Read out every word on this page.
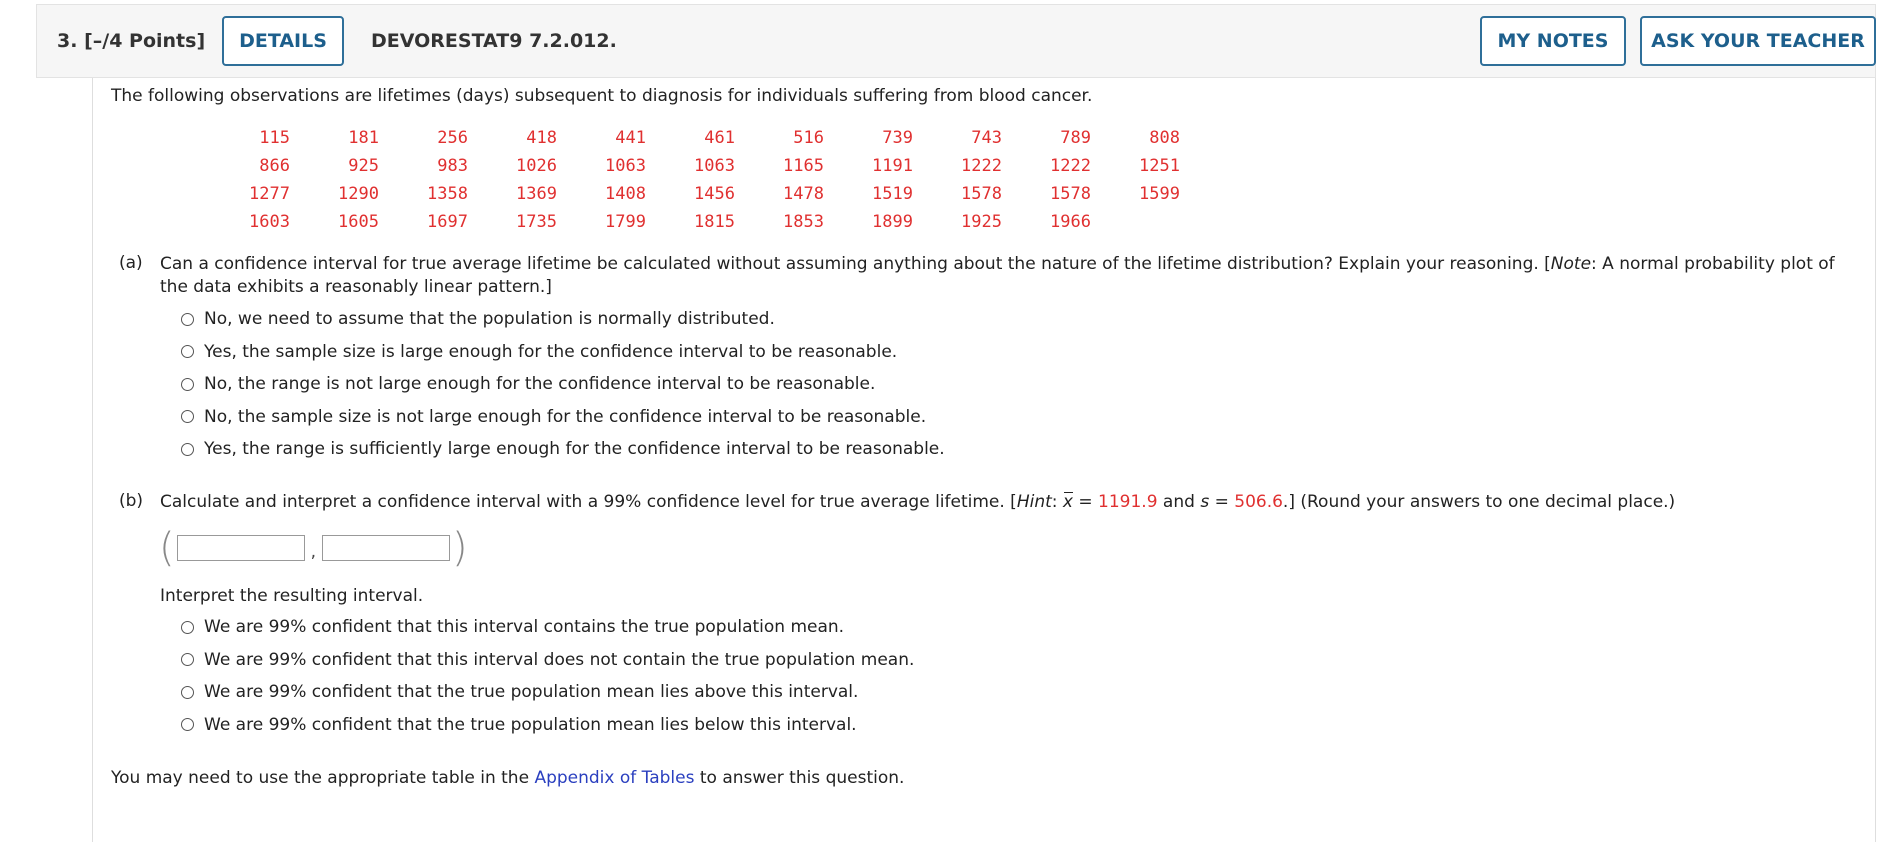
3. [–/4 Points]	DETAILS	DEVORESTAT9 7.2.012.	MY NOTES	ASK YOUR TEACHER
The following observations are lifetimes (days) subsequent to diagnosis for individuals suffering from blood cancer.
115	181	256	418	441	461	516	739	743	789	808
866	925	983	1026	1063	1063	1165	1191	1222	1222	1251
1277	1290	1358	1369	1408	1456	1478	1519	1578	1578	1599
1603	1605	1697	1735	1799	1815	1853	1899	1925	1966	
(a) Can a confidence interval for true average lifetime be calculated without assuming anything about the nature of the lifetime distribution? Explain your reasoning. [Note: A normal probability plot of the data exhibits a reasonably linear pattern.]
No, we need to assume that the population is normally distributed.
Yes, the sample size is large enough for the confidence interval to be reasonable.
No, the range is not large enough for the confidence interval to be reasonable.
No, the sample size is not large enough for the confidence interval to be reasonable.
Yes, the range is sufficiently large enough for the confidence interval to be reasonable.
(b) Calculate and interpret a confidence interval with a 99% confidence level for true average lifetime. [Hint:
x = 1191.9 and s = 506.6.] (Round your answers to one decimal place.)
(	,	)
Interpret the resulting interval.
We are 99% confident that this interval contains the true population mean.
We are 99% confident that this interval does not contain the true population mean.
We are 99% confident that the true population mean lies above this interval.
We are 99% confident that the true population mean lies below this interval.
You may need to use the appropriate table in the Appendix of Tables to answer this question.
